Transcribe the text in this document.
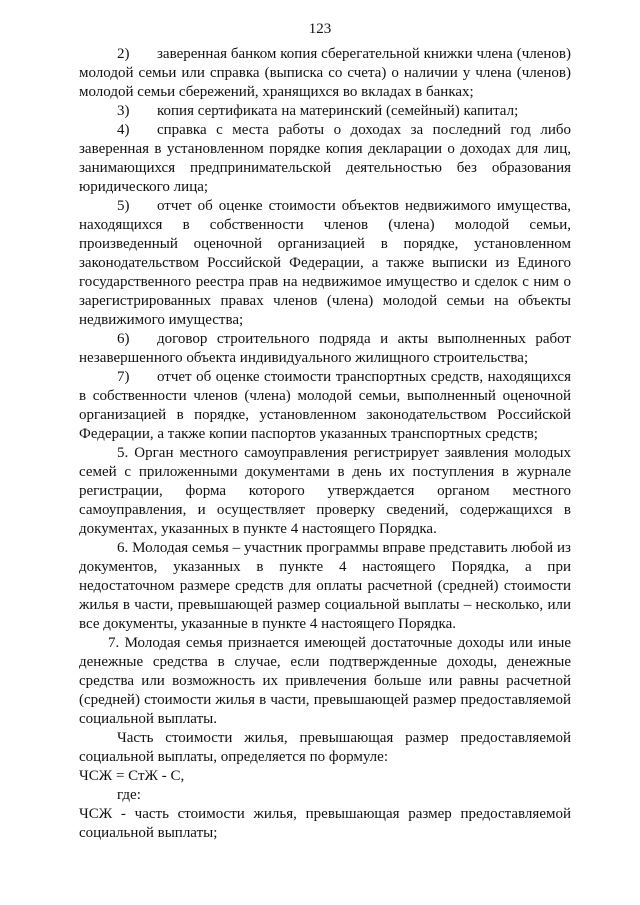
123

2) заверенная банком копия сберегательной книжки члена (членов) молодой семьи или справка (выписка со счета) о наличии у члена (членов) молодой семьи сбережений, хранящихся во вкладах в банках;

3) копия сертификата на материнский (семейный) капитал;

4) справка с места работы о доходах за последний год либо заверенная в установленном порядке копия декларации о доходах для лиц, занимающихся предпринимательской деятельностью без образования юридического лица;

5) отчет об оценке стоимости объектов недвижимого имущества, находящихся в собственности членов (члена) молодой семьи, произведенный оценочной организацией в порядке, установленном законодательством Российской Федерации, а также выписки из Единого государственного реестра прав на недвижимое имущество и сделок с ним о зарегистрированных правах членов (члена) молодой семьи на объекты недвижимого имущества;

6) договор строительного подряда и акты выполненных работ незавершенного объекта индивидуального жилищного строительства;

7) отчет об оценке стоимости транспортных средств, находящихся в собственности членов (члена) молодой семьи, выполненный оценочной организацией в порядке, установленном законодательством Российской Федерации, а также копии паспортов указанных транспортных средств;

5. Орган местного самоуправления регистрирует заявления молодых семей с приложенными документами в день их поступления в журнале регистрации, форма которого утверждается органом местного самоуправления, и осуществляет проверку сведений, содержащихся в документах, указанных в пункте 4 настоящего Порядка.

6. Молодая семья – участник программы вправе представить любой из документов, указанных в пункте 4 настоящего Порядка, а при недостаточном размере средств для оплаты расчетной (средней) стоимости жилья в части, превышающей размер социальной выплаты – несколько, или все документы, указанные в пункте 4 настоящего Порядка.

7. Молодая семья признается имеющей достаточные доходы или иные денежные средства в случае, если подтвержденные доходы, денежные средства или возможность их привлечения больше или равны расчетной (средней) стоимости жилья в части, превышающей размер предоставляемой социальной выплаты.

Часть стоимости жилья, превышающая размер предоставляемой социальной выплаты, определяется по формуле:

ЧСЖ = СтЖ - С,

где:

ЧСЖ - часть стоимости жилья, превышающая размер предоставляемой социальной выплаты;
